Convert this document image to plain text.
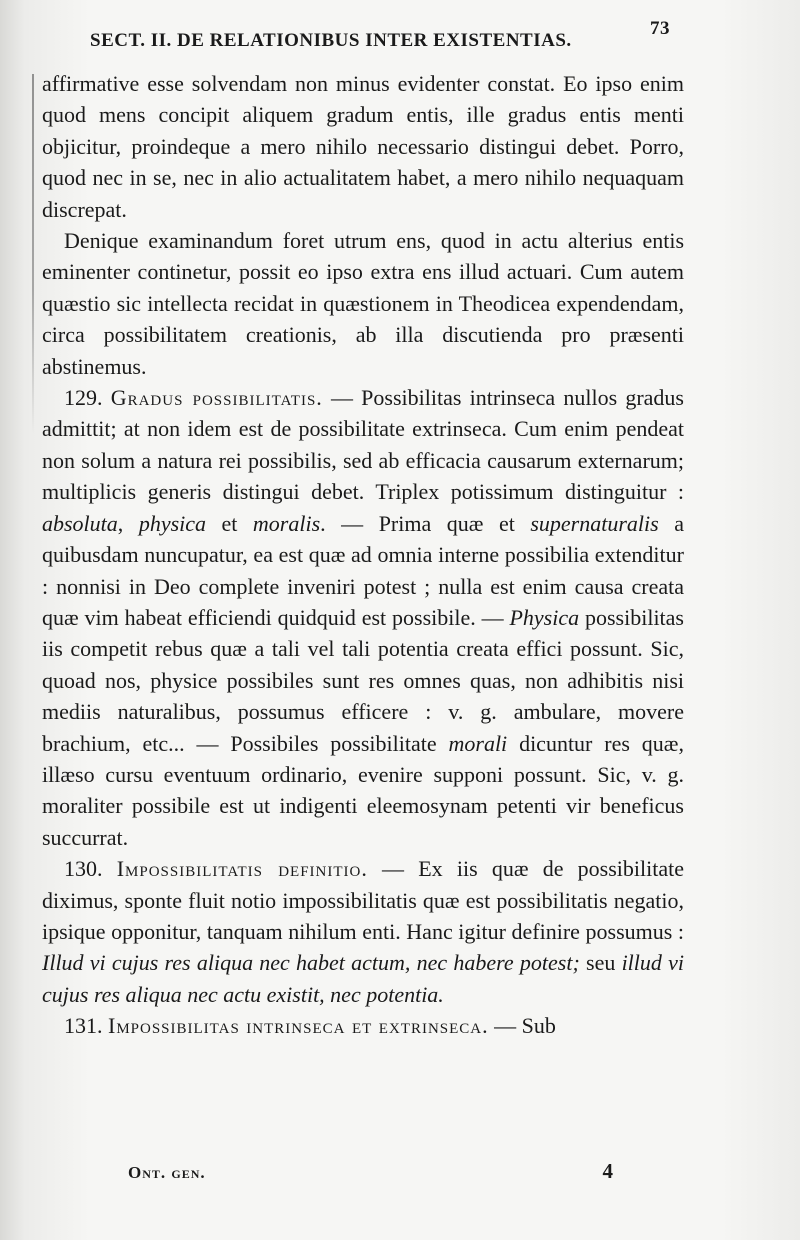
SECT. II. DE RELATIONIBUS INTER EXISTENTIAS.
73

affirmative esse solvendam non minus evidenter constat. Eo ipso enim quod mens concipit aliquem gradum entis, ille gradus entis menti objicitur, proindeque a mero nihilo necessario distingui debet. Porro, quod nec in se, nec in alio actualitatem habet, a mero nihilo nequaquam discrepat.

Denique examinandum foret utrum ens, quod in actu alterius entis eminenter continetur, possit eo ipso extra ens illud actuari. Cum autem quæstio sic intellecta recidat in quæstionem in Theodicea expendendam, circa possibilitatem creationis, ab illa discutienda pro præsenti abstinemus.

129. Gradus possibilitatis. — Possibilitas intrinseca nullos gradus admittit; at non idem est de possibilitate extrinseca. Cum enim pendeat non solum a natura rei possibilis, sed ab efficacia causarum externarum; multiplicis generis distingui debet. Triplex potissimum distinguitur : absoluta, physica et moralis. — Prima quæ et supernaturalis a quibusdam nuncupatur, ea est quæ ad omnia interne possibilia extenditur : nonnisi in Deo complete inveniri potest ; nulla est enim causa creata quæ vim habeat efficiendi quidquid est possibile. — Physica possibilitas iis competit rebus quæ a tali vel tali potentia creata effici possunt. Sic, quoad nos, physice possibiles sunt res omnes quas, non adhibitis nisi mediis naturalibus, possumus efficere : v. g. ambulare, movere brachium, etc... — Possibiles possibilitate morali dicuntur res quæ, illæso cursu eventuum ordinario, evenire supponi possunt. Sic, v. g. moraliter possibile est ut indigenti eleemosynam petenti vir beneficus succurrat.

130. Impossibilitatis definitio. — Ex iis quæ de possibilitate diximus, sponte fluit notio impossibilitatis quæ est possibilitatis negatio, ipsique opponitur, tanquam nihilum enti. Hanc igitur definire possumus : Illud vi cujus res aliqua nec habet actum, nec habere potest; seu illud vi cujus res aliqua nec actu existit, nec potentia.

131. Impossibilitas intrinseca et extrinseca. — Sub

Ont. gen.	4
